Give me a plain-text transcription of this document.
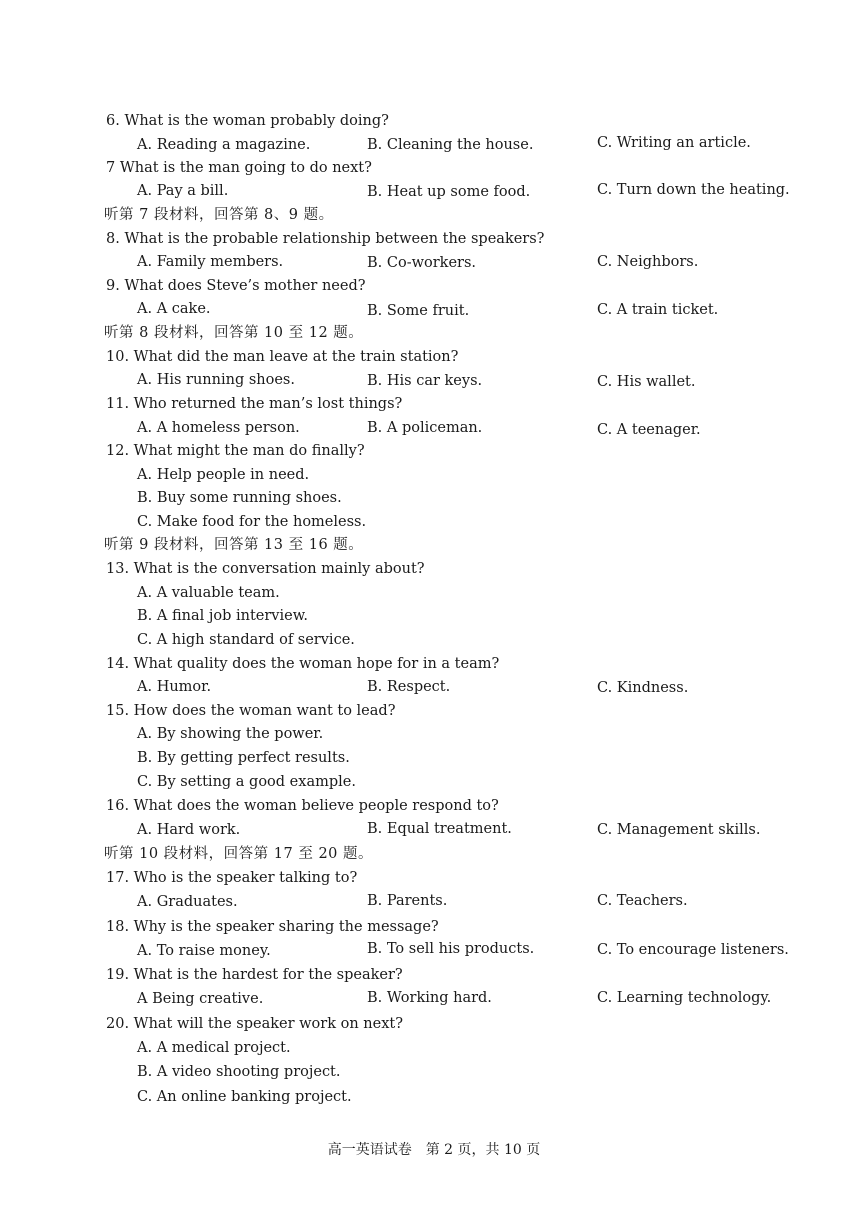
6. What is the woman probably doing?
A. Reading a magazine.	B. Cleaning the house.	C. Writing an article.
7 What is the man going to do next?
A. Pay a bill.	B. Heat up some food.	C. Turn down the heating.
听第 7 段材料，回答第 8、9 题。
8. What is the probable relationship between the speakers?
A. Family members.	B. Co-workers.	C. Neighbors.
9. What does Steve’s mother need?
A. A cake.	B. Some fruit.	C. A train ticket.
听第 8 段材料，回答第 10 至 12 题。
10. What did the man leave at the train station?
A. His running shoes.	B. His car keys.	C. His wallet.
11. Who returned the man’s lost things?
A. A homeless person.	B. A policeman.	C. A teenager.
12. What might the man do finally?
A. Help people in need.
B. Buy some running shoes.
C. Make food for the homeless.
听第 9 段材料，回答第 13 至 16 题。
13. What is the conversation mainly about?
A. A valuable team.
B. A final job interview.
C. A high standard of service.
14. What quality does the woman hope for in a team?
A. Humor.	B. Respect.	C. Kindness.
15. How does the woman want to lead?
A. By showing the power.
B. By getting perfect results.
C. By setting a good example.
16. What does the woman believe people respond to?
A. Hard work.	B. Equal treatment.	C. Management skills.
听第 10 段材料，回答第 17 至 20 题。
17. Who is the speaker talking to?
A. Graduates.	B. Parents.	C. Teachers.
18. Why is the speaker sharing the message?
A. To raise money.	B. To sell his products.	C. To encourage listeners.
19. What is the hardest for the speaker?
A Being creative.	B. Working hard.	C. Learning technology.
20. What will the speaker work on next?
A. A medical project.
B. A video shooting project.
C. An online banking project.
高一英语试卷　第 2 页，共 10 页
